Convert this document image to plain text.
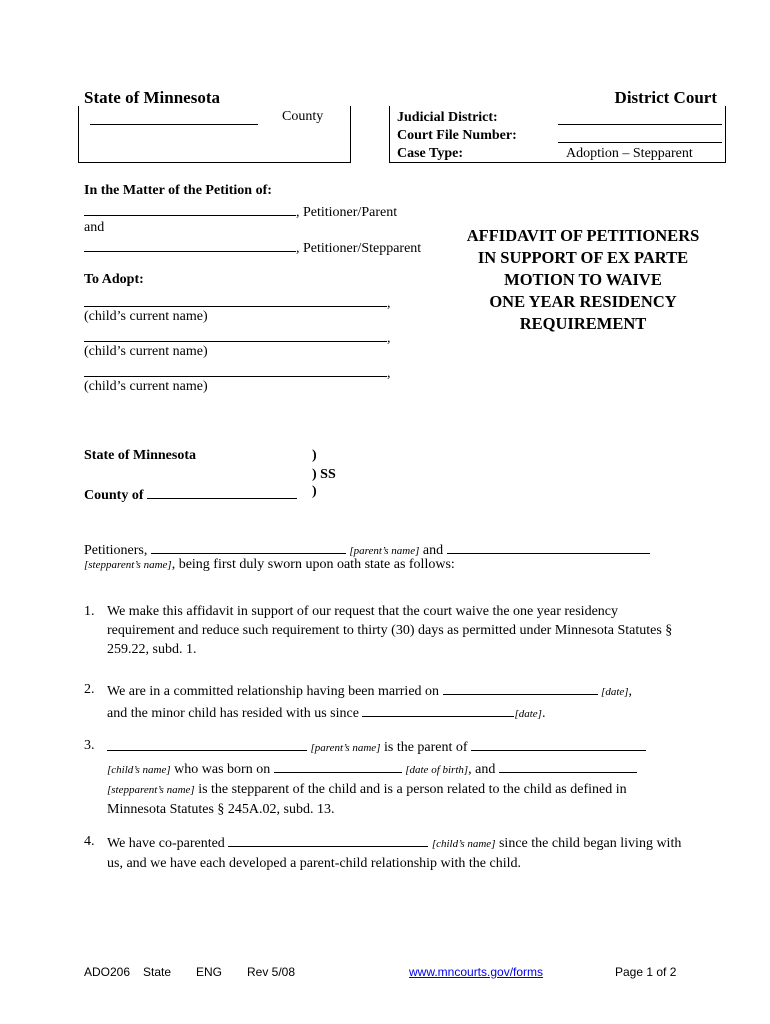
State of Minnesota	District Court
County	Judicial District:
Court File Number:
Case Type:	Adoption – Stepparent
In the Matter of the Petition of:
, Petitioner/Parent
and
, Petitioner/Stepparent
To Adopt:
,
(child’s current name)
,
(child’s current name)
,
(child’s current name)
AFFIDAVIT OF PETITIONERS
IN SUPPORT OF EX PARTE
MOTION TO WAIVE
ONE YEAR RESIDENCY
REQUIREMENT
State of Minnesota	)
) SS
County of	)
Petitioners,	[parent’s name] and
[stepparent’s name], being first duly sworn upon oath state as follows:
1. We make this affidavit in support of our request that the court waive the one year residency requirement and reduce such requirement to thirty (30) days as permitted under Minnesota Statutes § 259.22, subd. 1.
2. We are in a committed relationship having been married on	[date],
and the minor child has resided with us since	[date].
3.	[parent’s name] is the parent of
[child’s name] who was born on	[date of birth], and
[stepparent’s name] is the stepparent of the child and is a person related to the child as defined in Minnesota Statutes § 245A.02, subd. 13.
4. We have co-parented	[child’s name] since the child began living with us, and we have each developed a parent-child relationship with the child.
ADO206 State ENG Rev 5/08	www.mncourts.gov/forms	Page 1 of 2
